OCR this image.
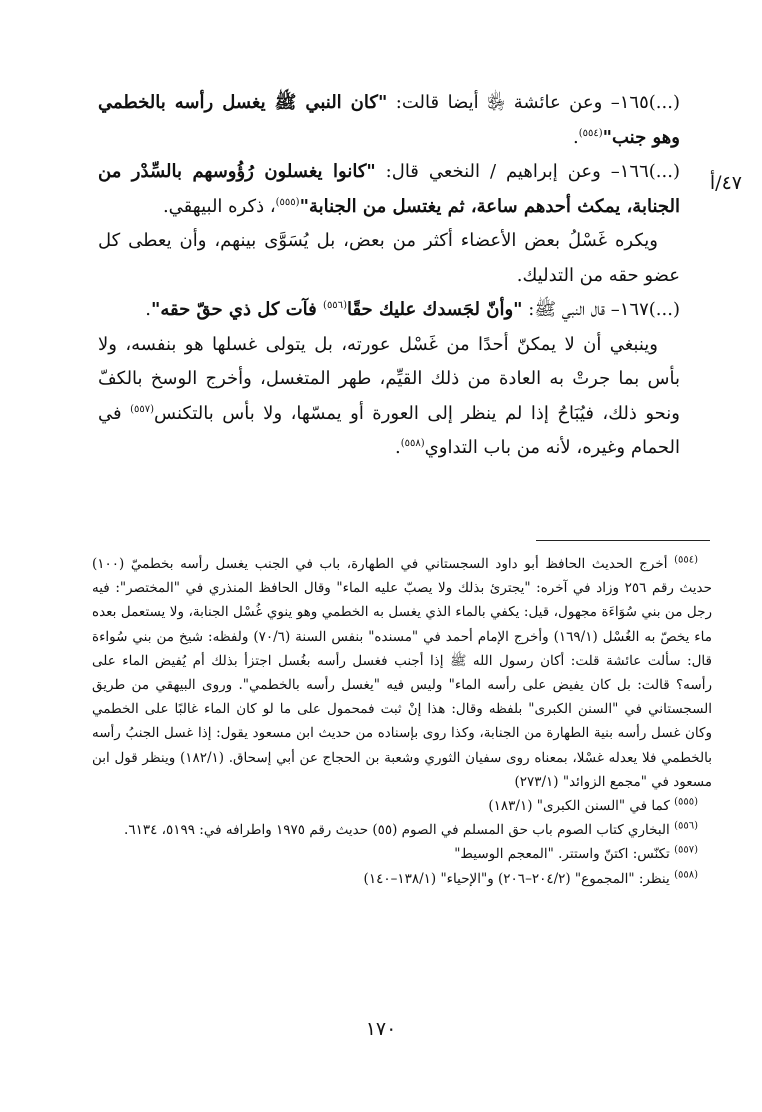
٤٧/أ

(...)١٦٥– وعن عائشة ﵂ أيضا قالت: "كان النبي ﷺ يغسل رأسه بالخطمي وهو جنب"$^{(٥٥٤)}$.

(...)١٦٦– وعن إبراهيم / النخعي قال: "كانوا يغسلون رُؤُوسهم بالسِّدْر من الجنابة، يمكث أحدهم ساعة، ثم يغتسل من الجنابة"$^{(٥٥٥)}$، ذكره البيهقي.

ويكره غَسْلُ بعض الأعضاء أكثر من بعض، بل يُسَوَّى بينهم، وأن يعطى كل عضو حقه من التدليك.

(...)١٦٧– قال النبي ﷺ: "وأنّ لجَسدك عليك حقًا$^{(٥٥٦)}$ فآت كل ذي حقّ حقه".

وينبغي أن لا يمكنّ أحدًا من غَسْل عورته، بل يتولى غسلها هو بنفسه، ولا بأس بما جرتْ به العادة من ذلك القيِّم، طهر المتغسل، وأخرج الوسخ بالكفّ ونحو ذلك، فيُبَاحُ إذا لم ينظر إلى العورة أو يمسّها، ولا بأس بالتكنس$^{(٥٥٧)}$ في الحمام وغيره، لأنه من باب التداوي$^{(٥٥٨)}$.

$^{(٥٥٤)}$ أخرج الحديث الحافظ أبو داود السجستاني في الطهارة، باب في الجنب يغسل رأسه بخطميّ (١٠٠) حديث رقم ٢٥٦ وزاد في آخره: "يجترئ بذلك ولا يصبّ عليه الماء" وقال الحافظ المنذري في "المختصر": فيه رجل من بني سُوَاءَة مجهول، قيل: يكفي بالماء الذي يغسل به الخطمي وهو ينوي غُسْل الجنابة، ولا يستعمل بعده ماء يخصّ به الغُسْل (١٦٩/١) وأخرج الإمام أحمد في "مسنده" بنفس السنة (٧٠/٦) ولفظه: شيخ من بني سُواءة قال: سألت عائشة قلت: أكان رسول الله ﷺ إذا أجنب فغسل رأسه بغُسل اجتزأ بذلك أم يُفيض الماء على رأسه؟ قالت: بل كان يفيض على رأسه الماء" وليس فيه "يغسل رأسه بالخطمي". وروى البيهقي من طريق السجستاني في "السنن الكبرى" بلفظه وقال: هذا إنْ ثبت فمحمول على ما لو كان الماء غالبًا على الخطمي وكان غسل رأسه بنية الطهارة من الجنابة، وكذا روى بإسناده من حديث ابن مسعود يقول: إذا غسل الجنبُ رأسه بالخطمي فلا يعدله غسْلا، بمعناه روى سفيان الثوري وشعبة بن الحجاج عن أبي إسحاق. (١٨٢/١) وينظر قول ابن مسعود في "مجمع الزوائد" (٢٧٣/١)

$^{(٥٥٥)}$ كما في "السنن الكبرى" (١٨٣/١)

$^{(٥٥٦)}$ البخاري كتاب الصوم باب حق المسلم في الصوم (٥٥) حديث رقم ١٩٧٥ واطرافه في: ٥١٩٩، ٦١٣٤.

$^{(٥٥٧)}$ تكنّس: اكتنّ واستتر. "المعجم الوسيط"

$^{(٥٥٨)}$ ينظر: "المجموع" (٢٠٤/٢–٢٠٦) و"الإحياء" (١٣٨/١–١٤٠)

١٧٠
